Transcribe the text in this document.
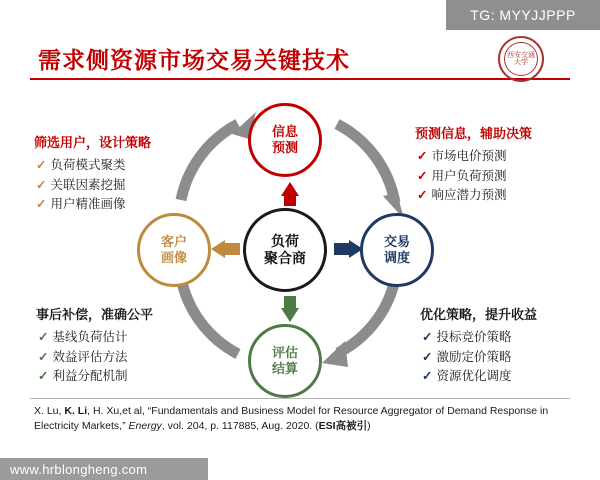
TG: MYYJJPPP
需求侧资源市场交易关键技术	西安交通大学
负荷
聚合商
信息
预测
交易
调度
评估
结算
客户
画像
筛选用户，设计策略
✓ 负荷模式聚类
✓ 关联因素挖掘
✓ 用户精准画像
预测信息，辅助决策
✓ 市场电价预测
✓ 用户负荷预测
✓ 响应潜力预测
事后补偿，准确公平
✓ 基线负荷估计
✓ 效益评估方法
✓ 利益分配机制
优化策略，提升收益
✓ 投标竞价策略
✓ 激励定价策略
✓ 资源优化调度
X. Lu, K. Li, H. Xu,et al, “Fundamentals and Business Model for Resource Aggregator of Demand Response in Electricity Markets,” Energy, vol. 204, p. 117885, Aug. 2020. (ESI高被引)
www.hrblongheng.com
